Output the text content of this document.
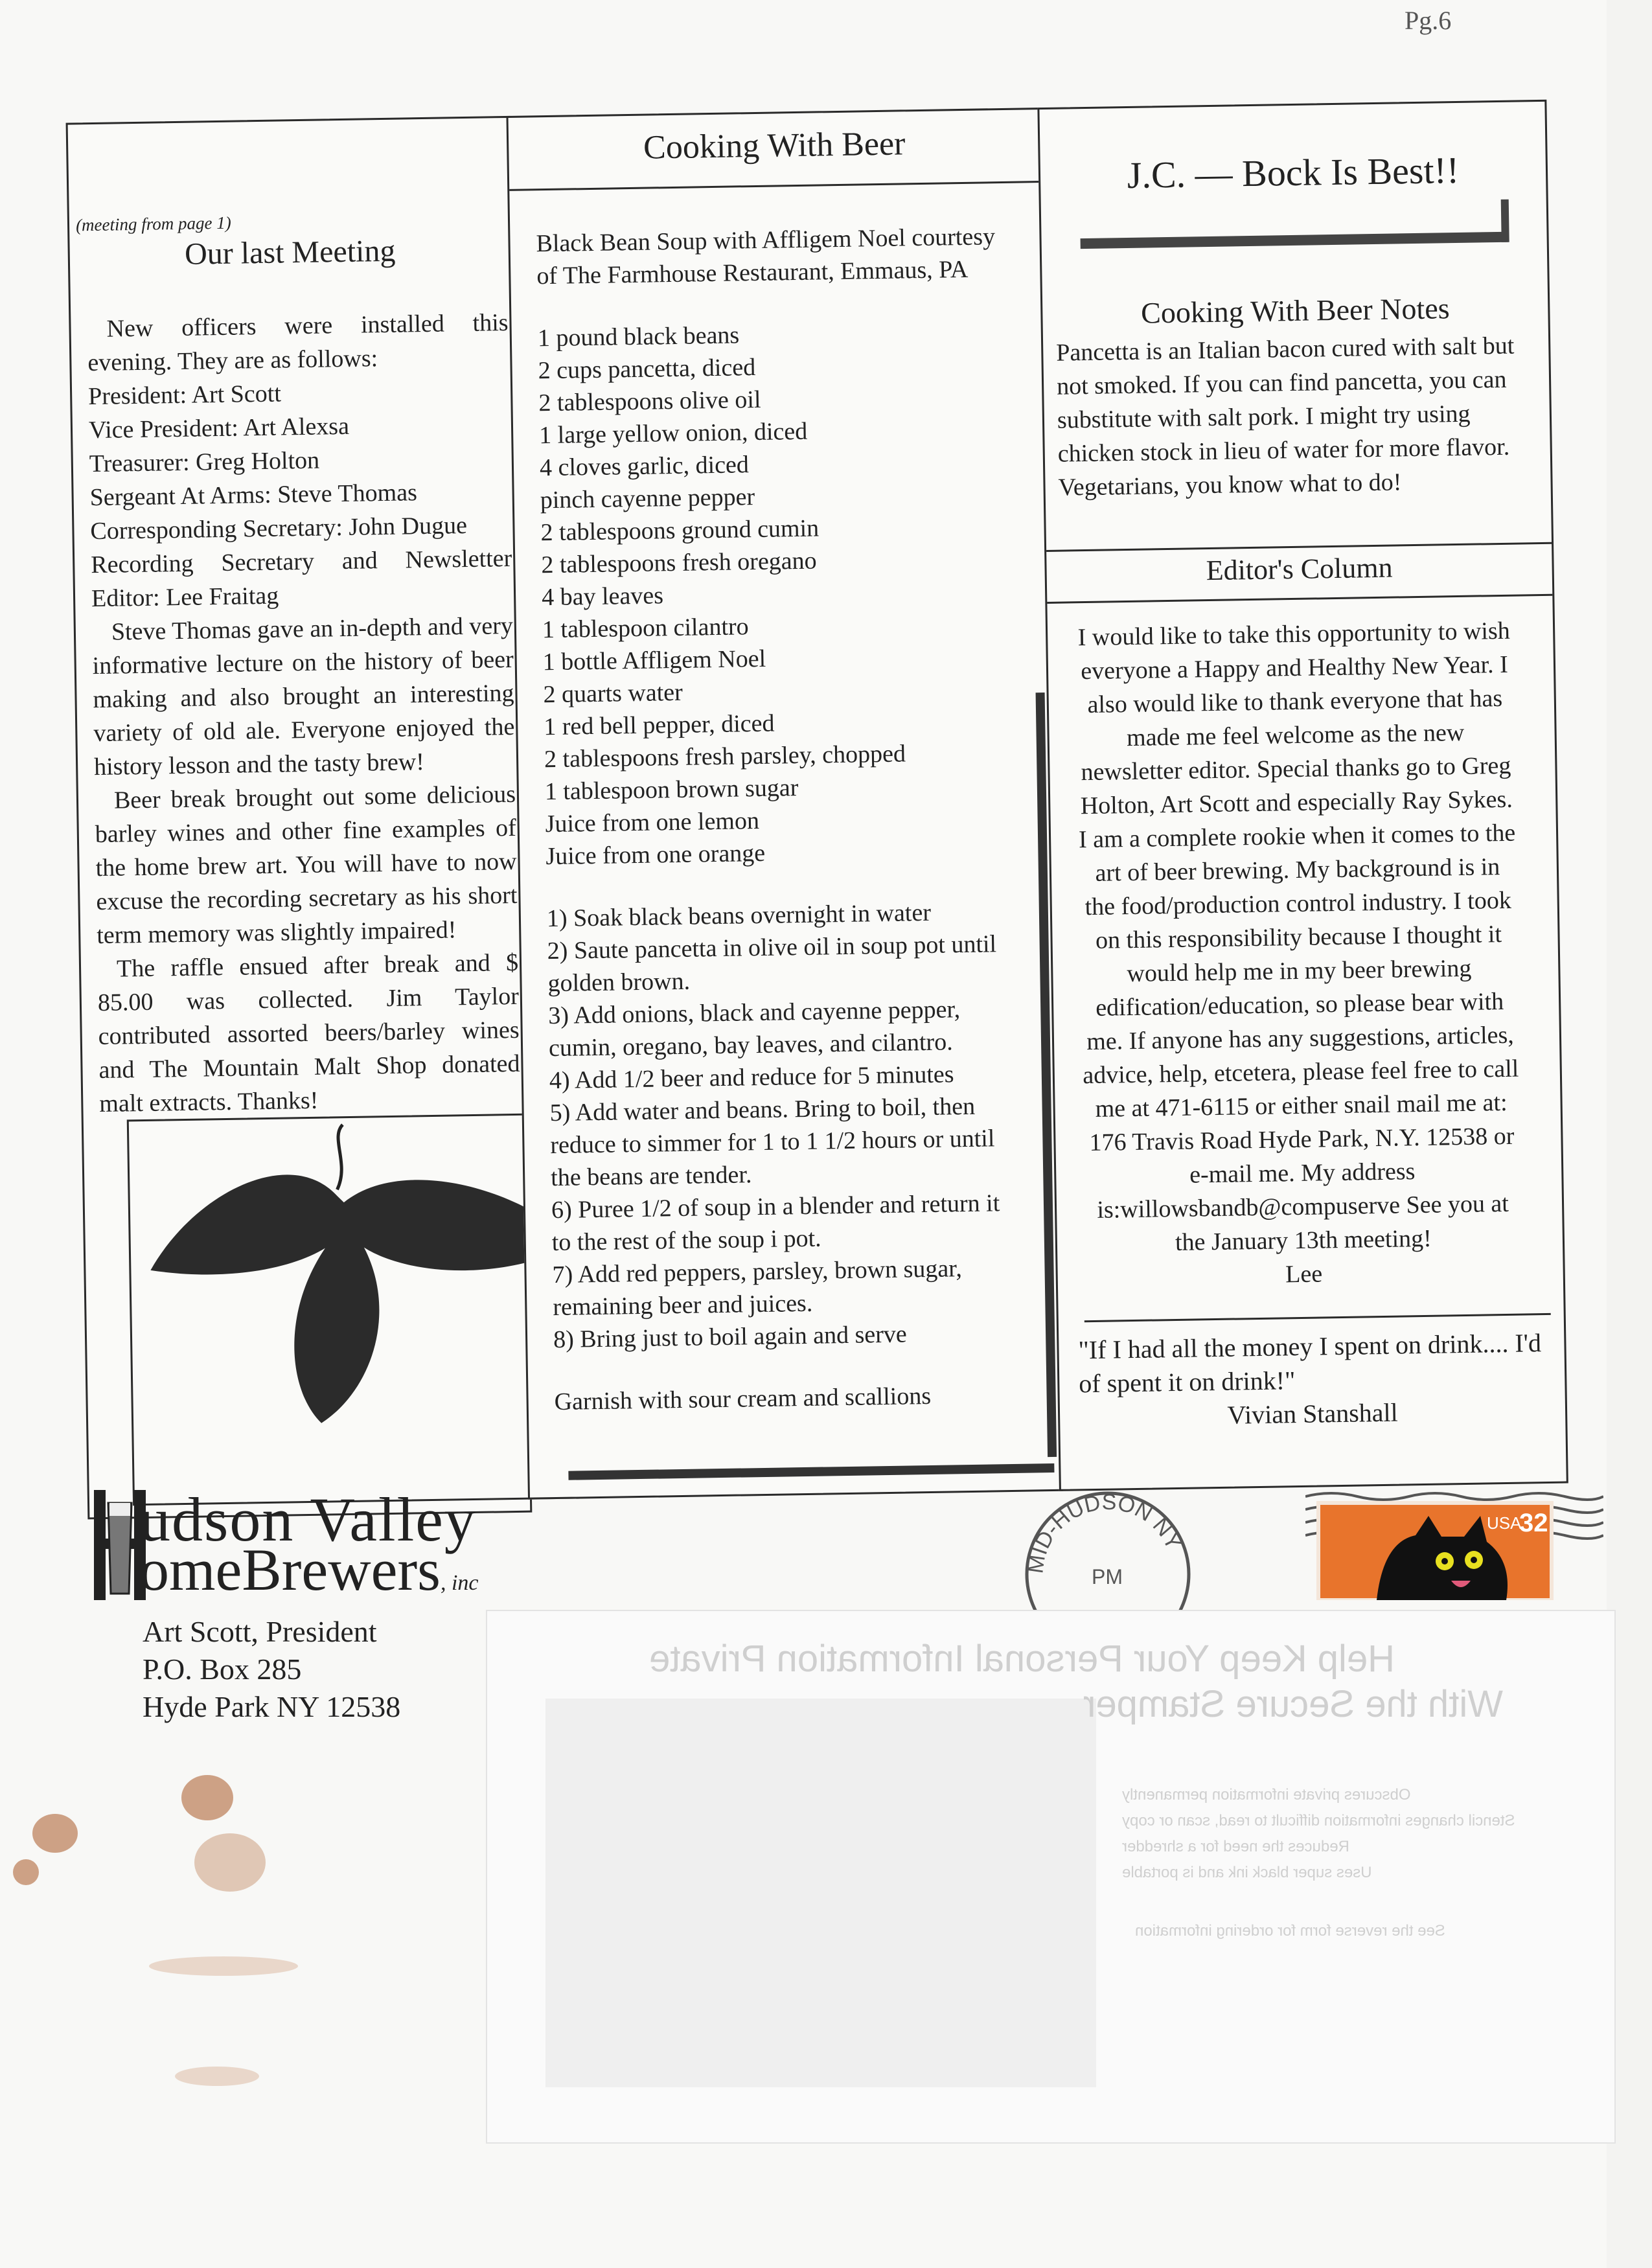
Pg.6
(meeting from page 1)
Our last Meeting

New officers were installed this evening. They are as follows:

President: Art Scott

Vice President: Art Alexsa

Treasurer: Greg Holton

Sergeant At Arms: Steve Thomas

Corresponding Secretary: John Dugue

Recording Secretary and Newsletter Editor: Lee Fraitag

Steve Thomas gave an in-depth and very informative lecture on the history of beer making and also brought an interesting variety of old ale. Everyone enjoyed the history lesson and the tasty brew!

Beer break brought out some delicious barley wines and other fine examples of the home brew art. You will have to now excuse the recording secretary as his short term memory was slightly impaired!

The raffle ensued after break and $ 85.00 was collected. Jim Taylor contributed assorted beers/barley wines and The Mountain Malt Shop donated malt extracts. Thanks!

Cooking With Beer

Black Bean Soup with Affligem Noel courtesy of The Farmhouse Restaurant, Emmaus, PA

1 pound black beans

2 cups pancetta, diced

2 tablespoons olive oil

1 large yellow onion, diced

4 cloves garlic, diced

pinch cayenne pepper

2 tablespoons ground cumin

2 tablespoons fresh oregano

4 bay leaves

1 tablespoon cilantro

1 bottle Affligem Noel

2 quarts water

1 red bell pepper, diced

2 tablespoons fresh parsley, chopped

1 tablespoon brown sugar

Juice from one lemon

Juice from one orange

1) Soak black beans overnight in water

2) Saute pancetta in olive oil in soup pot until golden brown.

3) Add onions, black and cayenne pepper, cumin, oregano, bay leaves, and cilantro.

4) Add 1/2 beer and reduce for 5 minutes

5) Add water and beans. Bring to boil, then reduce to simmer for 1 to 1 1/2 hours or until the beans are tender.

6) Puree 1/2 of soup in a blender and return it to the rest of the soup i pot.

7) Add red peppers, parsley, brown sugar, remaining beer and juices.

8) Bring just to boil again and serve

Garnish with sour cream and scallions

J.C. — Bock Is Best!!
Cooking With Beer Notes
Pancetta is an Italian bacon cured with salt but not smoked. If you can find pancetta, you can substitute with salt pork. I might try using chicken stock in lieu of water for more flavor. Vegetarians, you know what to do!
Editor's Column

I would like to take this opportunity to wish everyone a Happy and Healthy New Year. I also would like to thank everyone that has made me feel welcome as the new newsletter editor. Special thanks go to Greg Holton, Art Scott and especially Ray Sykes.

I am a complete rookie when it comes to the art of beer brewing. My background is in the food/production control industry. I took on this responsibility because I thought it would help me in my beer brewing edification/education, so please bear with me. If anyone has any suggestions, articles, advice, help, etcetera, please feel free to call me at 471-6115 or either snail mail me at: 176 Travis Road Hyde Park, N.Y. 12538 or e-mail me. My address is:willowsbandb@compuserve See you at the January 13th meeting!

Lee

"If I had all the money I spent on drink.... I'd of spent it on drink!"

Vivian Stanshall

udson Valley
omeBrewers, inc

Art Scott, President

P.O. Box 285

Hyde Park NY 12538

MID-HUDSON NY
PM
USA
32
Help Keep Your Personal Information Private
With the Secure Stamper
Obscures private information permanently
Stencil changes information difficult to read, scan or copy
Reduces the need for a shredder
Uses super black ink and is portable
See the reverse form for ordering information
